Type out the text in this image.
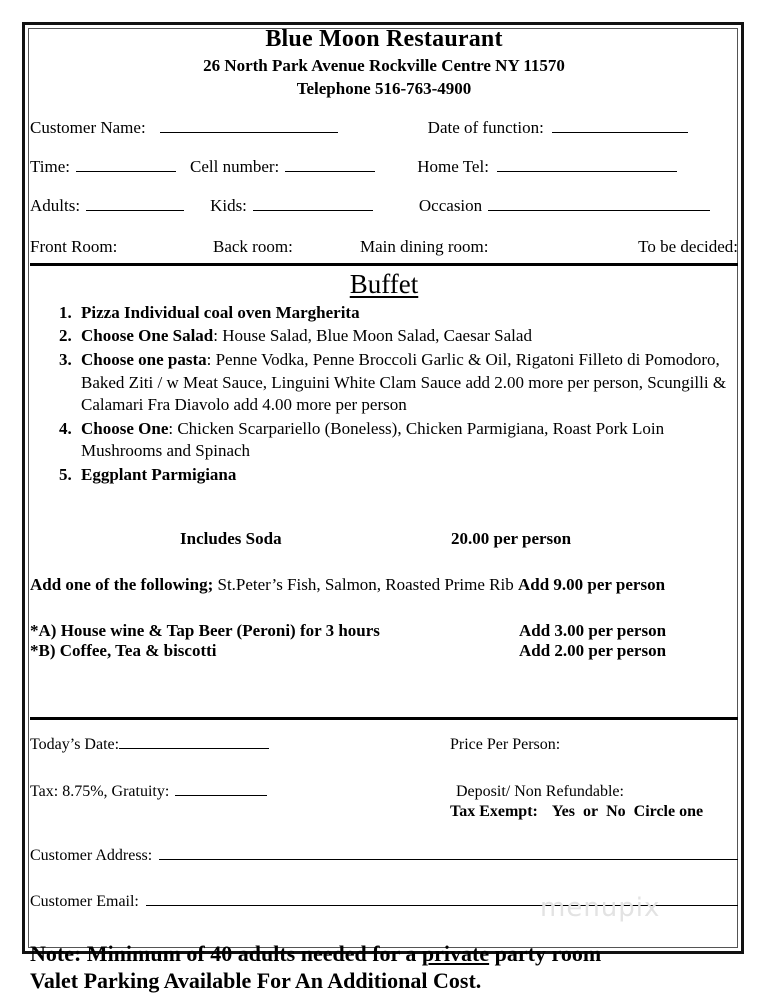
Blue Moon Restaurant
26 North Park Avenue Rockville Centre NY 11570
Telephone 516-763-4900
Customer Name:	Date of function:
Time:	Cell number:	Home Tel:
Adults:	Kids:	Occasion
Front Room:	Back room:	Main dining room:	To be decided:
Buffet
1. Pizza Individual coal oven Margherita
2. Choose One Salad: House Salad, Blue Moon Salad, Caesar Salad
3. Choose one pasta: Penne Vodka, Penne Broccoli Garlic & Oil, Rigatoni Filleto di Pomodoro, Baked Ziti / w Meat Sauce, Linguini White Clam Sauce add 2.00 more per person, Scungilli & Calamari Fra Diavolo add 4.00 more per person
4. Choose One: Chicken Scarpariello (Boneless), Chicken Parmigiana, Roast Pork Loin Mushrooms and Spinach
5. Eggplant Parmigiana
Includes Soda	20.00 per person
Add one of the following; St.Peter’s Fish, Salmon, Roasted Prime Rib Add 9.00 per person
*A) House wine & Tap Beer (Peroni) for 3 hours	Add 3.00 per person
*B) Coffee, Tea & biscotti	Add 2.00 per person
Today’s Date:	Price Per Person:
Tax: 8.75%, Gratuity:	Deposit/ Non Refundable:
Tax Exempt: Yes or No Circle one
Customer Address:
Customer Email:
Note: Minimum of 40 adults needed for a private party room
Valet Parking Available For An Additional Cost.
menupix
